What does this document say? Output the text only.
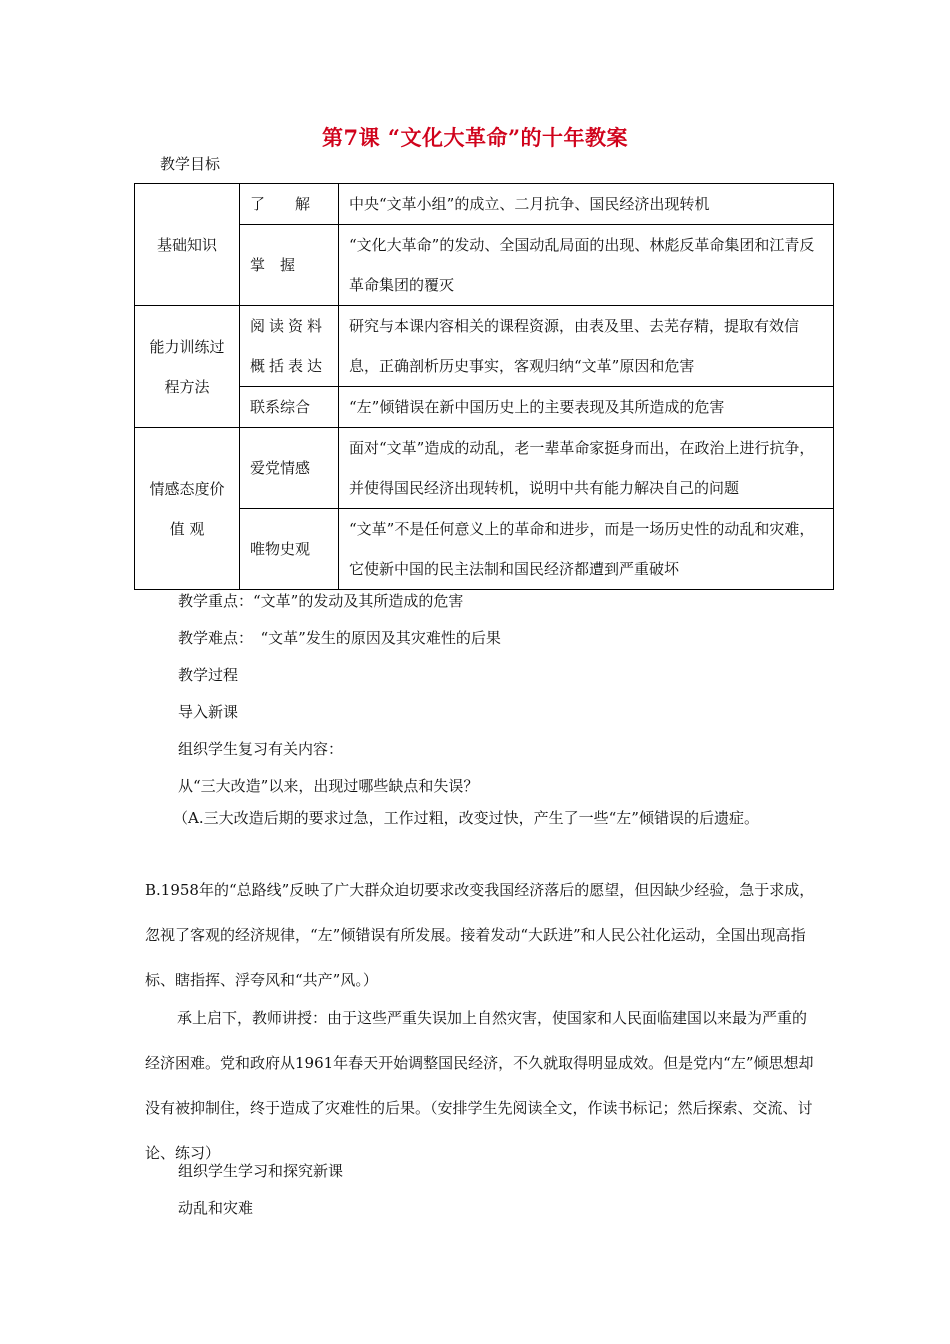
第7课 “文化大革命”的十年教案
教学目标
基础知识	了　　解	中央“文革小组”的成立、二月抗争、国民经济出现转机
	掌　握	“文化大革命”的发动、全国动乱局面的出现、林彪反革命集团和江青反革命集团的覆灭
能力训练过程方法	阅读资料概括表达	研究与本课内容相关的课程资源，由表及里、去芜存精，提取有效信息，正确剖析历史事实，客观归纳“文革”原因和危害
	联系综合	“左”倾错误在新中国历史上的主要表现及其所造成的危害
情感态度价值 观	爱党情感	面对“文革”造成的动乱，老一辈革命家挺身而出，在政治上进行抗争，并使得国民经济出现转机，说明中共有能力解决自己的问题
	唯物史观	“文革”不是任何意义上的革命和进步，而是一场历史性的动乱和灾难，它使新中国的民主法制和国民经济都遭到严重破坏
教学重点：“文革”的发动及其所造成的危害
教学难点：　“文革”发生的原因及其灾难性的后果
教学过程
导入新课
组织学生复习有关内容：
从“三大改造”以来，出现过哪些缺点和失误？
（A.三大改造后期的要求过急，工作过粗，改变过快，产生了一些“左”倾错误的后遗症。
B.1958年的“总路线”反映了广大群众迫切要求改变我国经济落后的愿望，但因缺少经验，急于求成，忽视了客观的经济规律，“左”倾错误有所发展。接着发动“大跃进”和人民公社化运动，全国出现高指标、瞎指挥、浮夸风和“共产”风。）
承上启下，教师讲授：由于这些严重失误加上自然灾害，使国家和人民面临建国以来最为严重的经济困难。党和政府从1961年春天开始调整国民经济，不久就取得明显成效。但是党内“左”倾思想却没有被抑制住，终于造成了灾难性的后果。（安排学生先阅读全文，作读书标记；然后探索、交流、讨论、练习）
组织学生学习和探究新课
动乱和灾难
